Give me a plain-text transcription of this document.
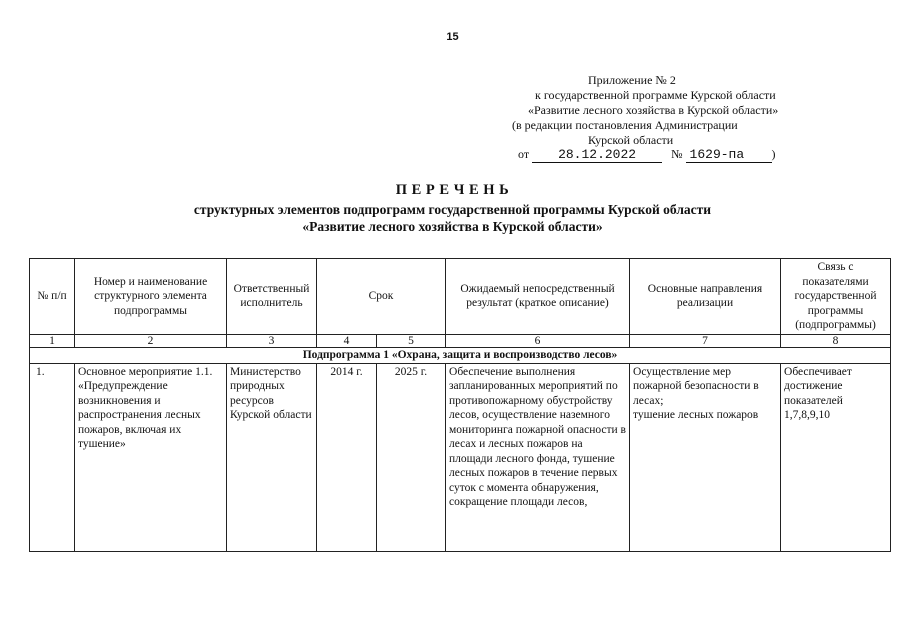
15
Приложение № 2
к государственной программе Курской области
«Развитие лесного хозяйства в Курской области»
(в редакции постановления Администрации
Курской области
от 28.12.2022	№ 1629-па )
П Е Р Е Ч Е Н Ь
структурных элементов подпрограмм государственной программы Курской области
«Развитие лесного хозяйства в Курской области»
№ п/п	Номер и наименование структурного элемента подпрограммы	Ответственный исполнитель	Срок		Ожидаемый непосредственный результат (краткое описание)	Основные направления реализации	Связь с показателями государственной программы (подпрограммы)
1	2	3	4	5	6	7	8
Подпрограмма 1 «Охрана, защита и воспроизводство лесов»							
1.	Основное мероприятие 1.1. «Предупреждение возникновения и распространения лесных пожаров, включая их тушение»	Министерство природных ресурсов Курской области	2014 г.	2025 г.	Обеспечение выполнения запланированных мероприятий по противопожарному обустройству лесов, осуществление наземного мониторинга пожарной опасности в лесах и лесных пожаров на площади лесного фонда, тушение лесных пожаров в течение первых суток с момента обнаружения, сокращение площади лесов,	Осуществление мер пожарной безопасности в лесах;
тушение лесных пожаров	Обеспечивает достижение показателей 1,7,8,9,10
